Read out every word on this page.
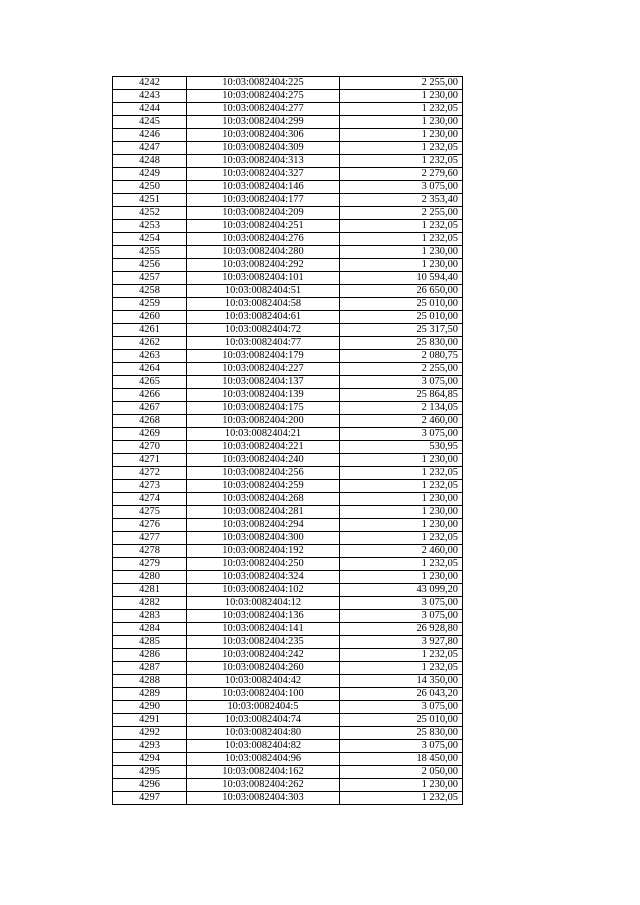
4242	10:03:0082404:225	2 255,00
4243	10:03:0082404:275	1 230,00
4244	10:03:0082404:277	1 232,05
4245	10:03:0082404:299	1 230,00
4246	10:03:0082404:306	1 230,00
4247	10:03:0082404:309	1 232,05
4248	10:03:0082404:313	1 232,05
4249	10:03:0082404:327	2 279,60
4250	10:03:0082404:146	3 075,00
4251	10:03:0082404:177	2 353,40
4252	10:03:0082404:209	2 255,00
4253	10:03:0082404:251	1 232,05
4254	10:03:0082404:276	1 232,05
4255	10:03:0082404:280	1 230,00
4256	10:03:0082404:292	1 230,00
4257	10:03:0082404:101	10 594,40
4258	10:03:0082404:51	26 650,00
4259	10:03:0082404:58	25 010,00
4260	10:03:0082404:61	25 010,00
4261	10:03:0082404:72	25 317,50
4262	10:03:0082404:77	25 830,00
4263	10:03:0082404:179	2 080,75
4264	10:03:0082404:227	2 255,00
4265	10:03:0082404:137	3 075,00
4266	10:03:0082404:139	25 864,85
4267	10:03:0082404:175	2 134,05
4268	10:03:0082404:200	2 460,00
4269	10:03:0082404:21	3 075,00
4270	10:03:0082404:221	530,95
4271	10:03:0082404:240	1 230,00
4272	10:03:0082404:256	1 232,05
4273	10:03:0082404:259	1 232,05
4274	10:03:0082404:268	1 230,00
4275	10:03:0082404:281	1 230,00
4276	10:03:0082404:294	1 230,00
4277	10:03:0082404:300	1 232,05
4278	10:03:0082404:192	2 460,00
4279	10:03:0082404:250	1 232,05
4280	10:03:0082404:324	1 230,00
4281	10:03:0082404:102	43 099,20
4282	10:03:0082404:12	3 075,00
4283	10:03:0082404:136	3 075,00
4284	10:03:0082404:141	26 928,80
4285	10:03:0082404:235	3 927,80
4286	10:03:0082404:242	1 232,05
4287	10:03:0082404:260	1 232,05
4288	10:03:0082404:42	14 350,00
4289	10:03:0082404:100	26 043,20
4290	10:03:0082404:5	3 075,00
4291	10:03:0082404:74	25 010,00
4292	10:03:0082404:80	25 830,00
4293	10:03:0082404:82	3 075,00
4294	10:03:0082404:96	18 450,00
4295	10:03:0082404:162	2 050,00
4296	10:03:0082404:262	1 230,00
4297	10:03:0082404:303	1 232,05
